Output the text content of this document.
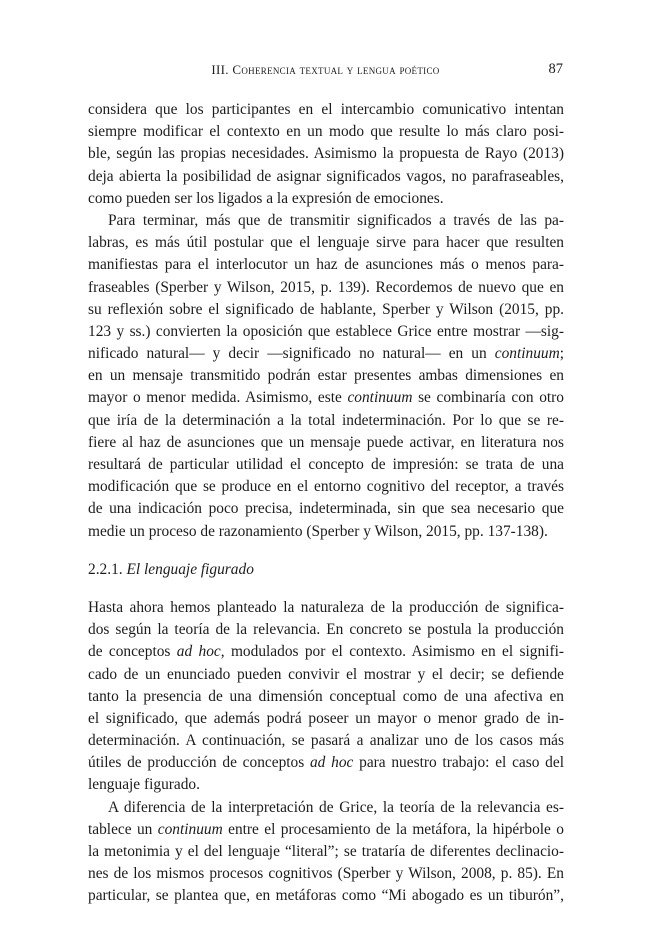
III. Coherencia textual y lengua poético	87
considera que los participantes en el intercambio comunicativo intentan
siempre modificar el contexto en un modo que resulte lo más claro posi-
ble, según las propias necesidades. Asimismo la propuesta de Rayo (2013)
deja abierta la posibilidad de asignar significados vagos, no parafraseables,
como pueden ser los ligados a la expresión de emociones.
Para terminar, más que de transmitir significados a través de las pa-
labras, es más útil postular que el lenguaje sirve para hacer que resulten
manifiestas para el interlocutor un haz de asunciones más o menos para-
fraseables (Sperber y Wilson, 2015, p. 139). Recordemos de nuevo que en
su reflexión sobre el significado de hablante, Sperber y Wilson (2015, pp.
123 y ss.) convierten la oposición que establece Grice entre mostrar —sig-
nificado natural— y decir —significado no natural— en un continuum;
en un mensaje transmitido podrán estar presentes ambas dimensiones en
mayor o menor medida. Asimismo, este continuum se combinaría con otro
que iría de la determinación a la total indeterminación. Por lo que se re-
fiere al haz de asunciones que un mensaje puede activar, en literatura nos
resultará de particular utilidad el concepto de impresión: se trata de una
modificación que se produce en el entorno cognitivo del receptor, a través
de una indicación poco precisa, indeterminada, sin que sea necesario que
medie un proceso de razonamiento (Sperber y Wilson, 2015, pp. 137-138).
2.2.1. El lenguaje figurado
Hasta ahora hemos planteado la naturaleza de la producción de significa-
dos según la teoría de la relevancia. En concreto se postula la producción
de conceptos ad hoc, modulados por el contexto. Asimismo en el signifi-
cado de un enunciado pueden convivir el mostrar y el decir; se defiende
tanto la presencia de una dimensión conceptual como de una afectiva en
el significado, que además podrá poseer un mayor o menor grado de in-
determinación. A continuación, se pasará a analizar uno de los casos más
útiles de producción de conceptos ad hoc para nuestro trabajo: el caso del
lenguaje figurado.
A diferencia de la interpretación de Grice, la teoría de la relevancia es-
tablece un continuum entre el procesamiento de la metáfora, la hipérbole o
la metonimia y el del lenguaje “literal”; se trataría de diferentes declinacio-
nes de los mismos procesos cognitivos (Sperber y Wilson, 2008, p. 85). En
particular, se plantea que, en metáforas como “Mi abogado es un tiburón”,
